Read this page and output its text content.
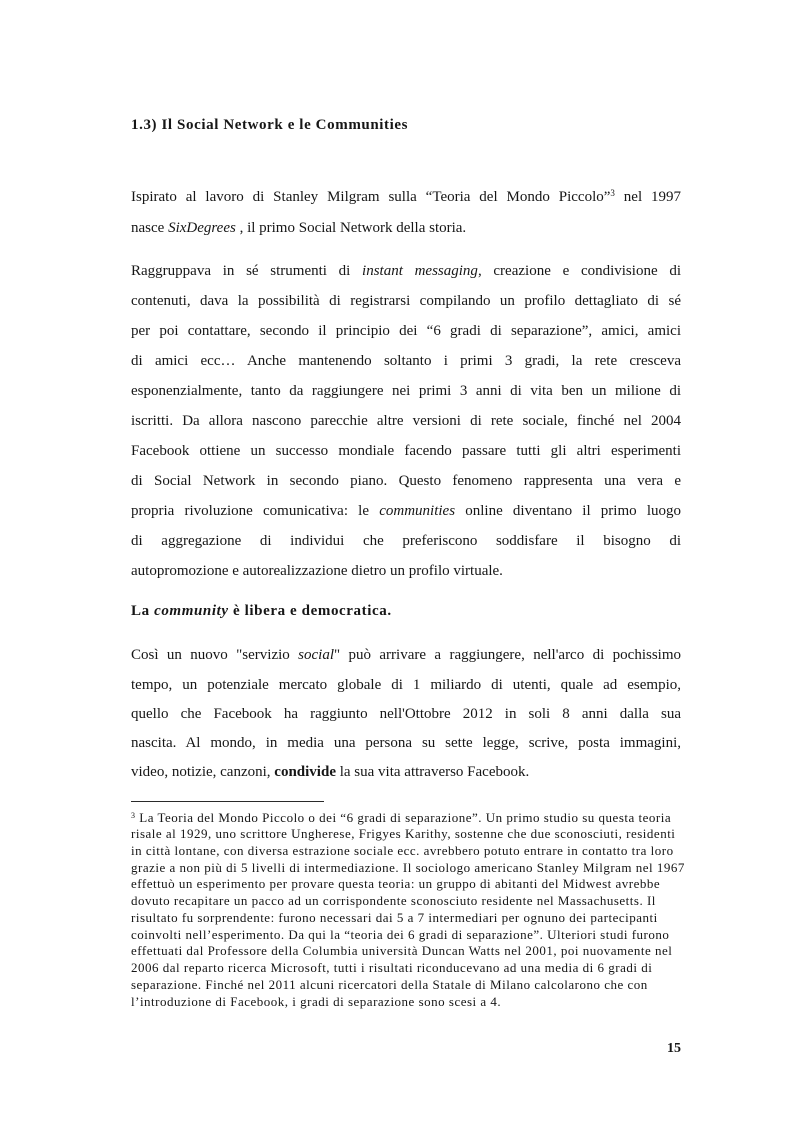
1.3) Il Social Network e le Communities
Ispirato al lavoro di Stanley Milgram sulla “Teoria del Mondo Piccolo”$^3$ nel 1997
nasce SixDegrees , il primo Social Network della storia.
Raggruppava in sé strumenti di instant messaging, creazione e condivisione di
contenuti, dava la possibilità di registrarsi compilando un profilo dettagliato di sé
per poi contattare, secondo il principio dei “6 gradi di separazione”, amici, amici
di amici ecc… Anche mantenendo soltanto i primi 3 gradi, la rete cresceva
esponenzialmente, tanto da raggiungere nei primi 3 anni di vita ben un milione di
iscritti. Da allora nascono parecchie altre versioni di rete sociale, finché nel 2004
Facebook ottiene un successo mondiale facendo passare tutti gli altri esperimenti
di Social Network in secondo piano. Questo fenomeno rappresenta una vera e
propria rivoluzione comunicativa: le communities online diventano il primo luogo
di aggregazione di individui che preferiscono soddisfare il bisogno di
autopromozione e autorealizzazione dietro un profilo virtuale.
La community è libera e democratica.
Così un nuovo "servizio social" può arrivare a raggiungere, nell'arco di pochissimo
tempo, un potenziale mercato globale di 1 miliardo di utenti, quale ad esempio,
quello che Facebook ha raggiunto nell'Ottobre 2012 in soli 8 anni dalla sua
nascita. Al mondo, in media una persona su sette legge, scrive, posta immagini,
video, notizie, canzoni, condivide la sua vita attraverso Facebook.
$^3$ La Teoria del Mondo Piccolo o dei “6 gradi di separazione”. Un primo studio su questa teoria
risale al 1929, uno scrittore Ungherese, Frigyes Karithy, sostenne che due sconosciuti, residenti
in città lontane, con diversa estrazione sociale ecc. avrebbero potuto entrare in contatto tra loro
grazie a non più di 5 livelli di intermediazione. Il sociologo americano Stanley Milgram nel 1967
effettuò un esperimento per provare questa teoria: un gruppo di abitanti del Midwest avrebbe
dovuto recapitare un pacco ad un corrispondente sconosciuto residente nel Massachusetts. Il
risultato fu sorprendente: furono necessari dai 5 a 7 intermediari per ognuno dei partecipanti
coinvolti nell’esperimento. Da qui la “teoria dei 6 gradi di separazione”. Ulteriori studi furono
effettuati dal Professore della Columbia università Duncan Watts nel 2001, poi nuovamente nel
2006 dal reparto ricerca Microsoft, tutti i risultati riconducevano ad una media di 6 gradi di
separazione. Finché nel 2011 alcuni ricercatori della Statale di Milano calcolarono che con
l’introduzione di Facebook, i gradi di separazione sono scesi a 4.
15
